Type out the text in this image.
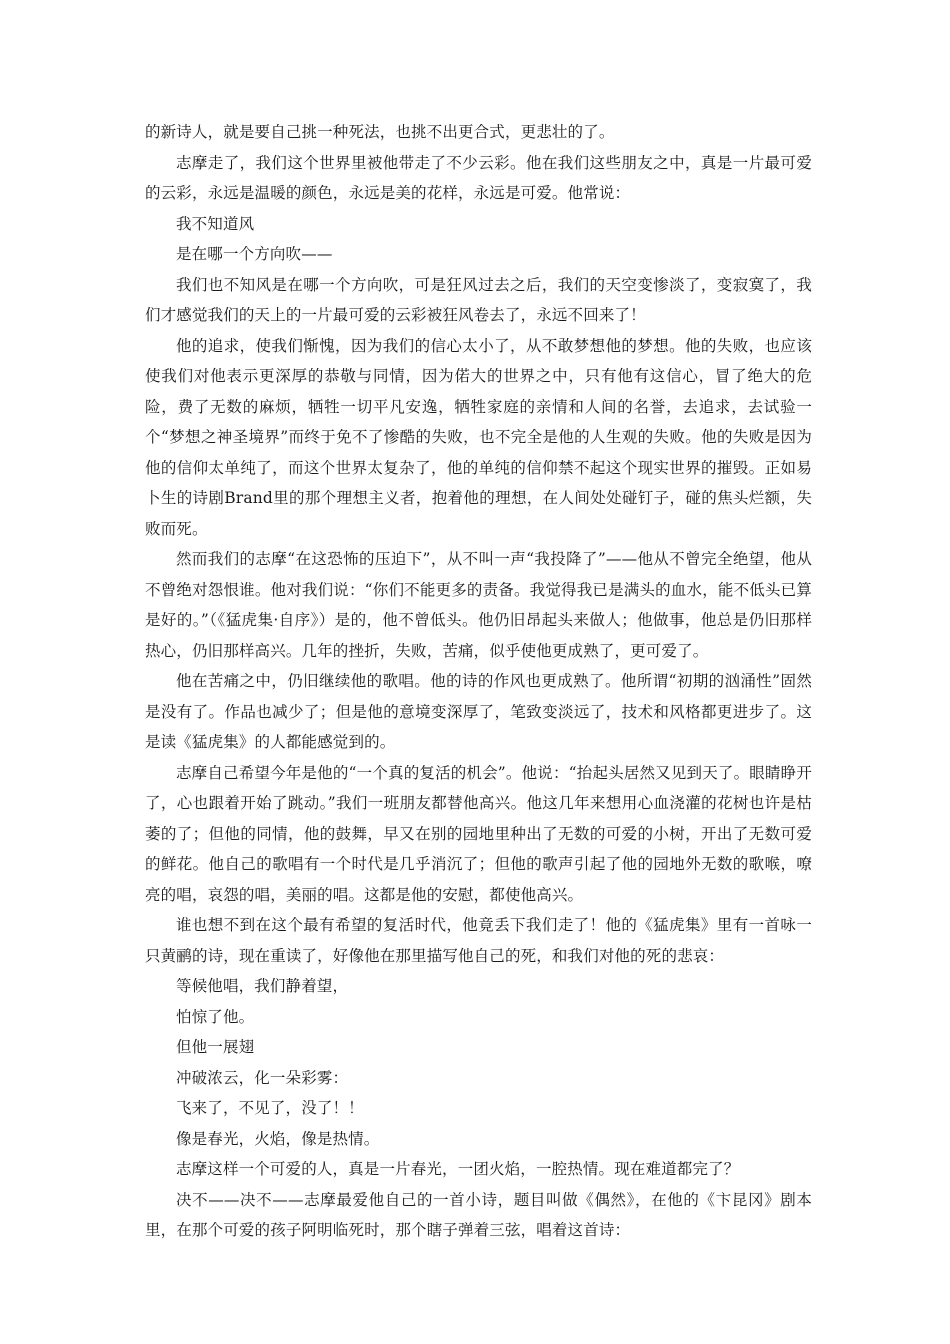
的新诗人，就是要自己挑一种死法，也挑不出更合式，更悲壮的了。

志摩走了，我们这个世界里被他带走了不少云彩。他在我们这些朋友之中，真是一片最可爱的云彩，永远是温暖的颜色，永远是美的花样，永远是可爱。他常说：

我不知道风

是在哪一个方向吹——

我们也不知风是在哪一个方向吹，可是狂风过去之后，我们的天空变惨淡了，变寂寞了，我们才感觉我们的天上的一片最可爱的云彩被狂风卷去了，永远不回来了！

他的追求，使我们惭愧，因为我们的信心太小了，从不敢梦想他的梦想。他的失败，也应该使我们对他表示更深厚的恭敬与同情，因为偌大的世界之中，只有他有这信心，冒了绝大的危险，费了无数的麻烦，牺牲一切平凡安逸，牺牲家庭的亲情和人间的名誉，去追求，去试验一个“梦想之神圣境界”而终于免不了惨酷的失败，也不完全是他的人生观的失败。他的失败是因为他的信仰太单纯了，而这个世界太复杂了，他的单纯的信仰禁不起这个现实世界的摧毁。正如易卜生的诗剧Brand里的那个理想主义者，抱着他的理想，在人间处处碰钉子，碰的焦头烂额，失败而死。

然而我们的志摩“在这恐怖的压迫下”，从不叫一声“我投降了”——他从不曾完全绝望，他从不曾绝对怨恨谁。他对我们说：“你们不能更多的责备。我觉得我已是满头的血水，能不低头已算是好的。”（《猛虎集·自序》）是的，他不曾低头。他仍旧昂起头来做人；他做事，他总是仍旧那样热心，仍旧那样高兴。几年的挫折，失败，苦痛，似乎使他更成熟了，更可爱了。

他在苦痛之中，仍旧继续他的歌唱。他的诗的作风也更成熟了。他所谓“初期的汹涌性”固然是没有了。作品也减少了；但是他的意境变深厚了，笔致变淡远了，技术和风格都更进步了。这是读《猛虎集》的人都能感觉到的。

志摩自己希望今年是他的“一个真的复活的机会”。他说：“抬起头居然又见到天了。眼睛睁开了，心也跟着开始了跳动。”我们一班朋友都替他高兴。他这几年来想用心血浇灌的花树也许是枯萎的了；但他的同情，他的鼓舞，早又在别的园地里种出了无数的可爱的小树，开出了无数可爱的鲜花。他自己的歌唱有一个时代是几乎消沉了；但他的歌声引起了他的园地外无数的歌喉，嘹亮的唱，哀怨的唱，美丽的唱。这都是他的安慰，都使他高兴。

谁也想不到在这个最有希望的复活时代，他竟丢下我们走了！他的《猛虎集》里有一首咏一只黄鹂的诗，现在重读了，好像他在那里描写他自己的死，和我们对他的死的悲哀：

等候他唱，我们静着望，

怕惊了他。

但他一展翅

冲破浓云，化一朵彩雾：

飞来了，不见了，没了！！

像是春光，火焰，像是热情。

志摩这样一个可爱的人，真是一片春光，一团火焰，一腔热情。现在难道都完了？

决不——决不——志摩最爱他自己的一首小诗，题目叫做《偶然》，在他的《卞昆冈》剧本里，在那个可爱的孩子阿明临死时，那个瞎子弹着三弦，唱着这首诗：
